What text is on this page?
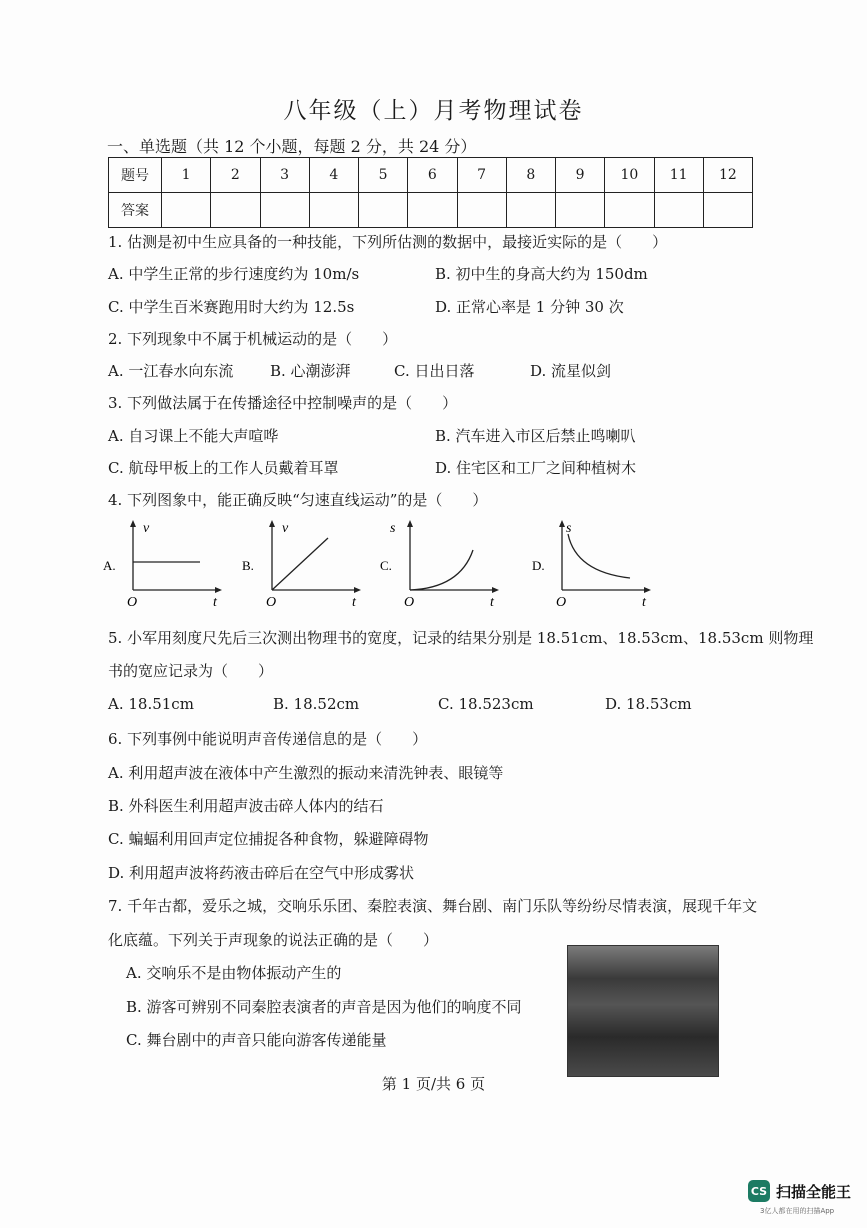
八年级（上）月考物理试卷
一、单选题（共 12 个小题，每题 2 分，共 24 分）
题号	1	2	3	4	5	6	7	8	9	10	11	12
答案												
1. 估测是初中生应具备的一种技能，下列所估测的数据中，最接近实际的是（　　）
A. 中学生正常的步行速度约为 10m/s	B. 初中生的身高大约为 150dm
C. 中学生百米赛跑用时大约为 12.5s	D. 正常心率是 1 分钟 30 次
2. 下列现象中不属于机械运动的是（　　）
A. 一江春水向东流 B. 心潮澎湃	C. 日出日落	D. 流星似剑
3. 下列做法属于在传播途径中控制噪声的是（　　）
A. 自习课上不能大声喧哗	B. 汽车进入市区后禁止鸣喇叭
C. 航母甲板上的工作人员戴着耳罩	D. 住宅区和工厂之间种植树木
4. 下列图象中，能正确反映“匀速直线运动”的是（　　）
A.
v
t
O
B.
v
t
O
C.
s
t
O
D.
s
t
O
5. 小军用刻度尺先后三次测出物理书的宽度，记录的结果分别是 18.51cm、18.53cm、18.53cm 则物理
书的宽应记录为（　　）
A. 18.51cm	B. 18.52cm	C. 18.523cm	D. 18.53cm
6. 下列事例中能说明声音传递信息的是（　　）
A. 利用超声波在液体中产生激烈的振动来清洗钟表、眼镜等
B. 外科医生利用超声波击碎人体内的结石
C. 蝙蝠利用回声定位捕捉各种食物，躲避障碍物
D. 利用超声波将药液击碎后在空气中形成雾状
7. 千年古都，爱乐之城，交响乐乐团、秦腔表演、舞台剧、南门乐队等纷纷尽情表演，展现千年文
化底蕴。下列关于声现象的说法正确的是（　　）
A. 交响乐不是由物体振动产生的
B. 游客可辨别不同秦腔表演者的声音是因为他们的响度不同
C. 舞台剧中的声音只能向游客传递能量
第 1 页/共 6 页
CS 扫描全能王
3亿人都在用的扫描App
